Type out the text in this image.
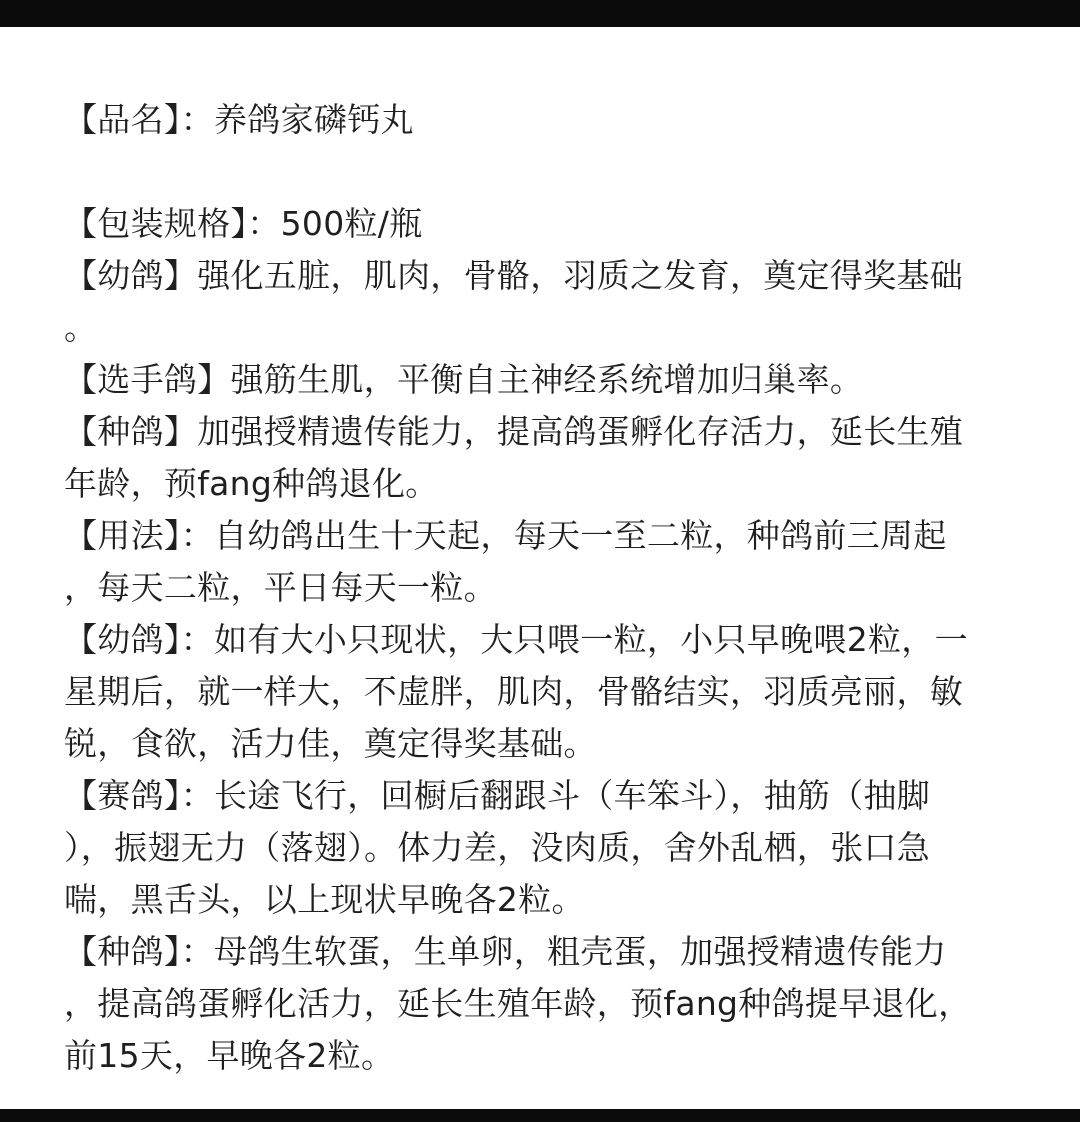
【品名】：养鸽家磷钙丸
【包装规格】：500粒/瓶
【幼鸽】强化五脏，肌肉，骨骼，羽质之发育，奠定得奖基础
。
【选手鸽】强筋生肌，平衡自主神经系统增加归巢率。
【种鸽】加强授精遗传能力，提高鸽蛋孵化存活力，延长生殖
年龄，预fang种鸽退化。
【用法】：自幼鸽出生十天起，每天一至二粒，种鸽前三周起
，每天二粒，平日每天一粒。
【幼鸽】：如有大小只现状，大只喂一粒，小只早晚喂2粒，一
星期后，就一样大，不虚胖，肌肉，骨骼结实，羽质亮丽，敏
锐，食欲，活力佳，奠定得奖基础。
【赛鸽】：长途飞行，回橱后翻跟斗（车笨斗），抽筋（抽脚
），振翅无力（落翅）。体力差，没肉质，舍外乱栖，张口急
喘，黑舌头，以上现状早晚各2粒。
【种鸽】：母鸽生软蛋，生单卵，粗壳蛋，加强授精遗传能力
，提高鸽蛋孵化活力，延长生殖年龄，预fang种鸽提早退化，
前15天，早晚各2粒。
